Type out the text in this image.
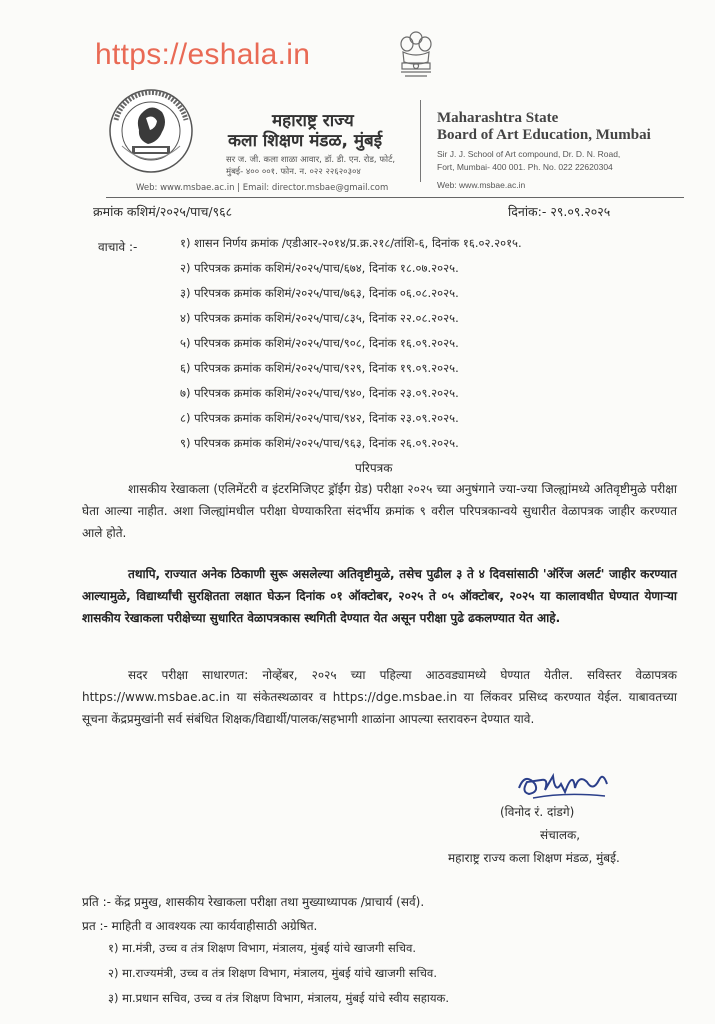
https://eshala.in
महाराष्ट्र राज्य
कला शिक्षण मंडळ, मुंबई
सर ज. जी. कला शाळा आवार, डॉ. डी. एन. रोड, फोर्ट,
मुंबई- ४०० ००१. फोन. न. ०२२ २२६२०३०४
Web: www.msbae.ac.in | Email: director.msbae@gmail.com
Maharashtra State
Board of Art Education, Mumbai
Sir J. J. School of Art compound, Dr. D. N. Road,
Fort, Mumbai- 400 001. Ph. No. 022 22620304
Web: www.msbae.ac.in
क्रमांक कशिमं/२०२५/पाच/९६८	दिनांक:- २९.०९.२०२५
वाचावे :-	१) शासन निर्णय क्रमांक /एडीआर-२०१४/प्र.क्र.२१८/तांशि-६, दिनांक १६.०२.२०१५.
२) परिपत्रक क्रमांक कशिमं/२०२५/पाच/६७४, दिनांक १८.०७.२०२५.
३) परिपत्रक क्रमांक कशिमं/२०२५/पाच/७६३, दिनांक ०६.०८.२०२५.
४) परिपत्रक क्रमांक कशिमं/२०२५/पाच/८३५, दिनांक २२.०८.२०२५.
५) परिपत्रक क्रमांक कशिमं/२०२५/पाच/९०८, दिनांक १६.०९.२०२५.
६) परिपत्रक क्रमांक कशिमं/२०२५/पाच/९२९, दिनांक १९.०९.२०२५.
७) परिपत्रक क्रमांक कशिमं/२०२५/पाच/९४०, दिनांक २३.०९.२०२५.
८) परिपत्रक क्रमांक कशिमं/२०२५/पाच/९४२, दिनांक २३.०९.२०२५.
९) परिपत्रक क्रमांक कशिमं/२०२५/पाच/९६३, दिनांक २६.०९.२०२५.
परिपत्रक
शासकीय रेखाकला (एलिमेंटरी व इंटरमिजिएट ड्रॉईंग ग्रेड) परीक्षा २०२५ च्या अनुषंगाने ज्या-ज्या जिल्ह्यांमध्ये अतिवृष्टीमुळे परीक्षा घेता आल्या नाहीत. अशा जिल्ह्यांमधील परीक्षा घेण्याकरिता संदर्भीय क्रमांक ९ वरील परिपत्रकान्वये सुधारीत वेळापत्रक जाहीर करण्यात आले होते.
तथापि, राज्यात अनेक ठिकाणी सुरू असलेल्या अतिवृष्टीमुळे, तसेच पुढील ३ ते ४ दिवसांसाठी 'ऑरेंज अलर्ट' जाहीर करण्यात आल्यामुळे, विद्यार्थ्यांची सुरक्षितता लक्षात घेऊन दिनांक ०१ ऑक्टोबर, २०२५ ते ०५ ऑक्टोबर, २०२५ या कालावधीत घेण्यात येणाऱ्या शासकीय रेखाकला परीक्षेच्या सुधारित वेळापत्रकास स्थगिती देण्यात येत असून परीक्षा पुढे ढकलण्यात येत आहे.
सदर परीक्षा साधारणत: नोव्हेंबर, २०२५ च्या पहिल्या आठवड्यामध्ये घेण्यात येतील. सविस्तर वेळापत्रक https://www.msbae.ac.in या संकेतस्थळावर व https://dge.msbae.in या लिंकवर प्रसिध्द करण्यात येईल. याबावतच्या सूचना केंद्रप्रमुखांनी सर्व संबंधित शिक्षक/विद्यार्थी/पालक/सहभागी शाळांना आपल्या स्तरावरुन देण्यात यावे.
(विनोद रं. दांडगे)
संचालक,
महाराष्ट्र राज्य कला शिक्षण मंडळ, मुंबई.
प्रति :- केंद्र प्रमुख, शासकीय रेखाकला परीक्षा तथा मुख्याध्यापक /प्राचार्य (सर्व).
प्रत :- माहिती व आवश्यक त्या कार्यवाहीसाठी अग्रेषित.
१) मा.मंत्री, उच्च व तंत्र शिक्षण विभाग, मंत्रालय, मुंबई यांचे खाजगी सचिव.
२) मा.राज्यमंत्री, उच्च व तंत्र शिक्षण विभाग, मंत्रालय, मुंबई यांचे खाजगी सचिव.
३) मा.प्रधान सचिव, उच्च व तंत्र शिक्षण विभाग, मंत्रालय, मुंबई यांचे स्वीय सहायक.
